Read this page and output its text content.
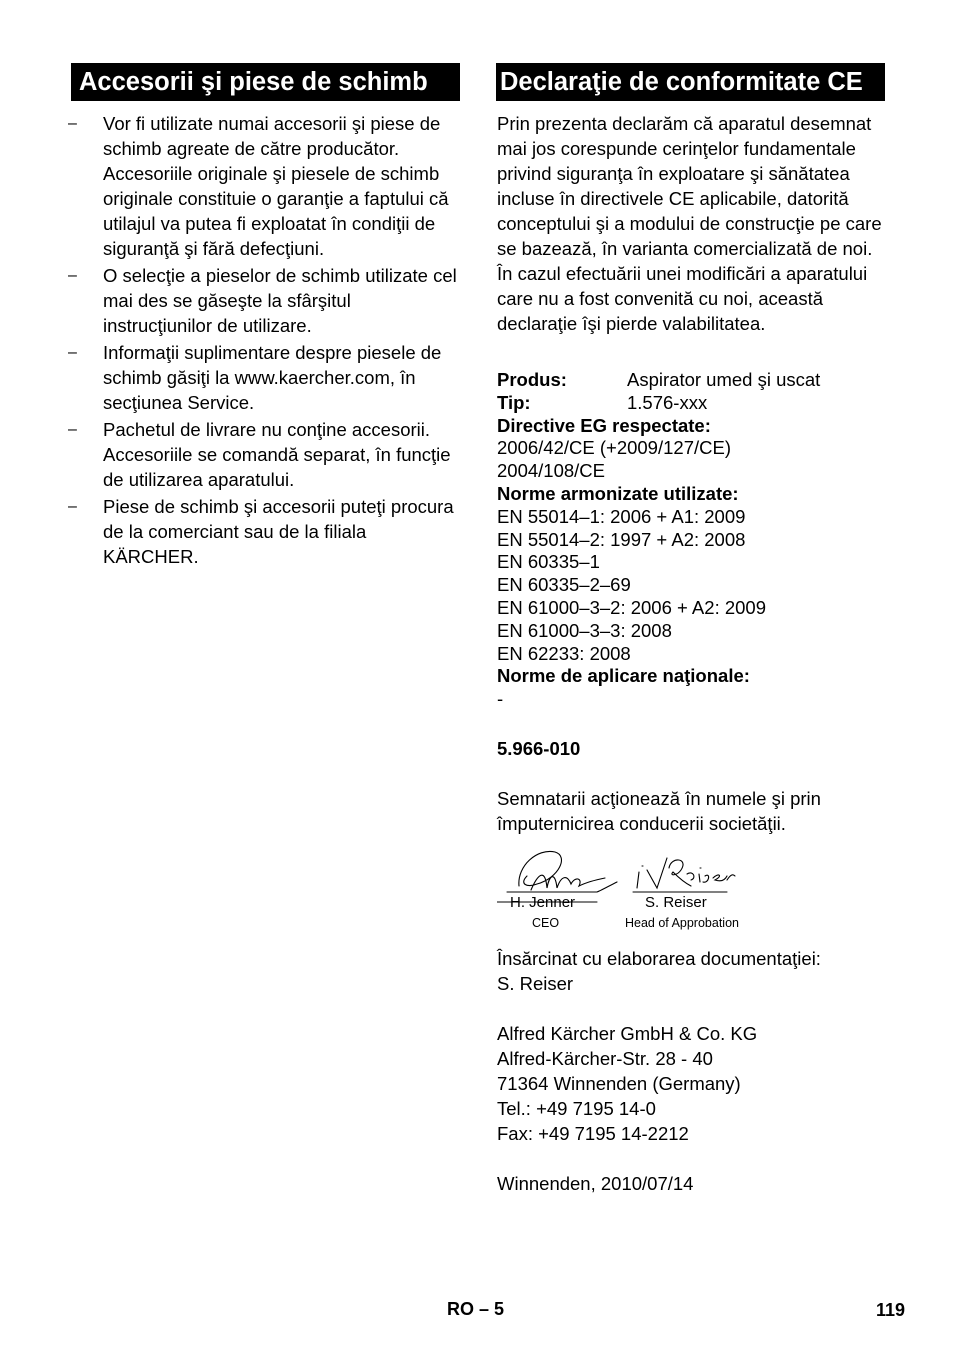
Accesorii şi piese de schimb
– Vor fi utilizate numai accesorii şi piese de schimb agreate de către producător. Accesoriile originale şi piesele de schimb originale constituie o garanţie a faptului că utilajul va putea fi exploatat în condiţii de siguranţă şi fără defecţiuni.
– O selecţie a pieselor de schimb utilizate cel mai des se găseşte la sfârşitul instrucţiunilor de utilizare.
– Informaţii suplimentare despre piesele de schimb găsiţi la www.kaercher.com, în secţiunea Service.
– Pachetul de livrare nu conţine accesorii. Accesoriile se comandă separat, în funcţie de utilizarea aparatului.
– Piese de schimb şi accesorii puteţi procura de la comerciant sau de la filiala KÄRCHER.
Declaraţie de conformitate CE

Prin prezenta declarăm că aparatul desemnat mai jos corespunde cerinţelor fundamentale privind siguranţa în exploatare şi sănătatea incluse în directivele CE aplicabile, datorită conceptului şi a modului de construcţie pe care se bazează, în varianta comercializată de noi. În cazul efectuării unei modificări a aparatului care nu a fost convenită cu noi, această declaraţie îşi pierde valabilitatea.

Produs:	Aspirator umed şi uscat
Tip:	1.576-xxx
Directive EG respectate:
2006/42/CE (+2009/127/CE)
2004/108/CE
Norme armonizate utilizate:
EN 55014–1: 2006 + A1: 2009
EN 55014–2: 1997 + A2: 2008
EN 60335–1
EN 60335–2–69
EN 61000–3–2: 2006 + A2: 2009
EN 61000–3–3: 2008
EN 62233: 2008
Norme de aplicare naţionale:
-
5.966-010

Semnatarii acţionează în numele şi prin împuternicirea conducerii societăţii.

H. Jenner
CEO
S. Reiser
Head of Approbation
Însărcinat cu elaborarea documentaţiei:
S. Reiser
Alfred Kärcher GmbH & Co. KG
Alfred-Kärcher-Str. 28 - 40
71364 Winnenden (Germany)
Tel.: +49 7195 14-0
Fax: +49 7195 14-2212
Winnenden, 2010/07/14
RO – 5	119
